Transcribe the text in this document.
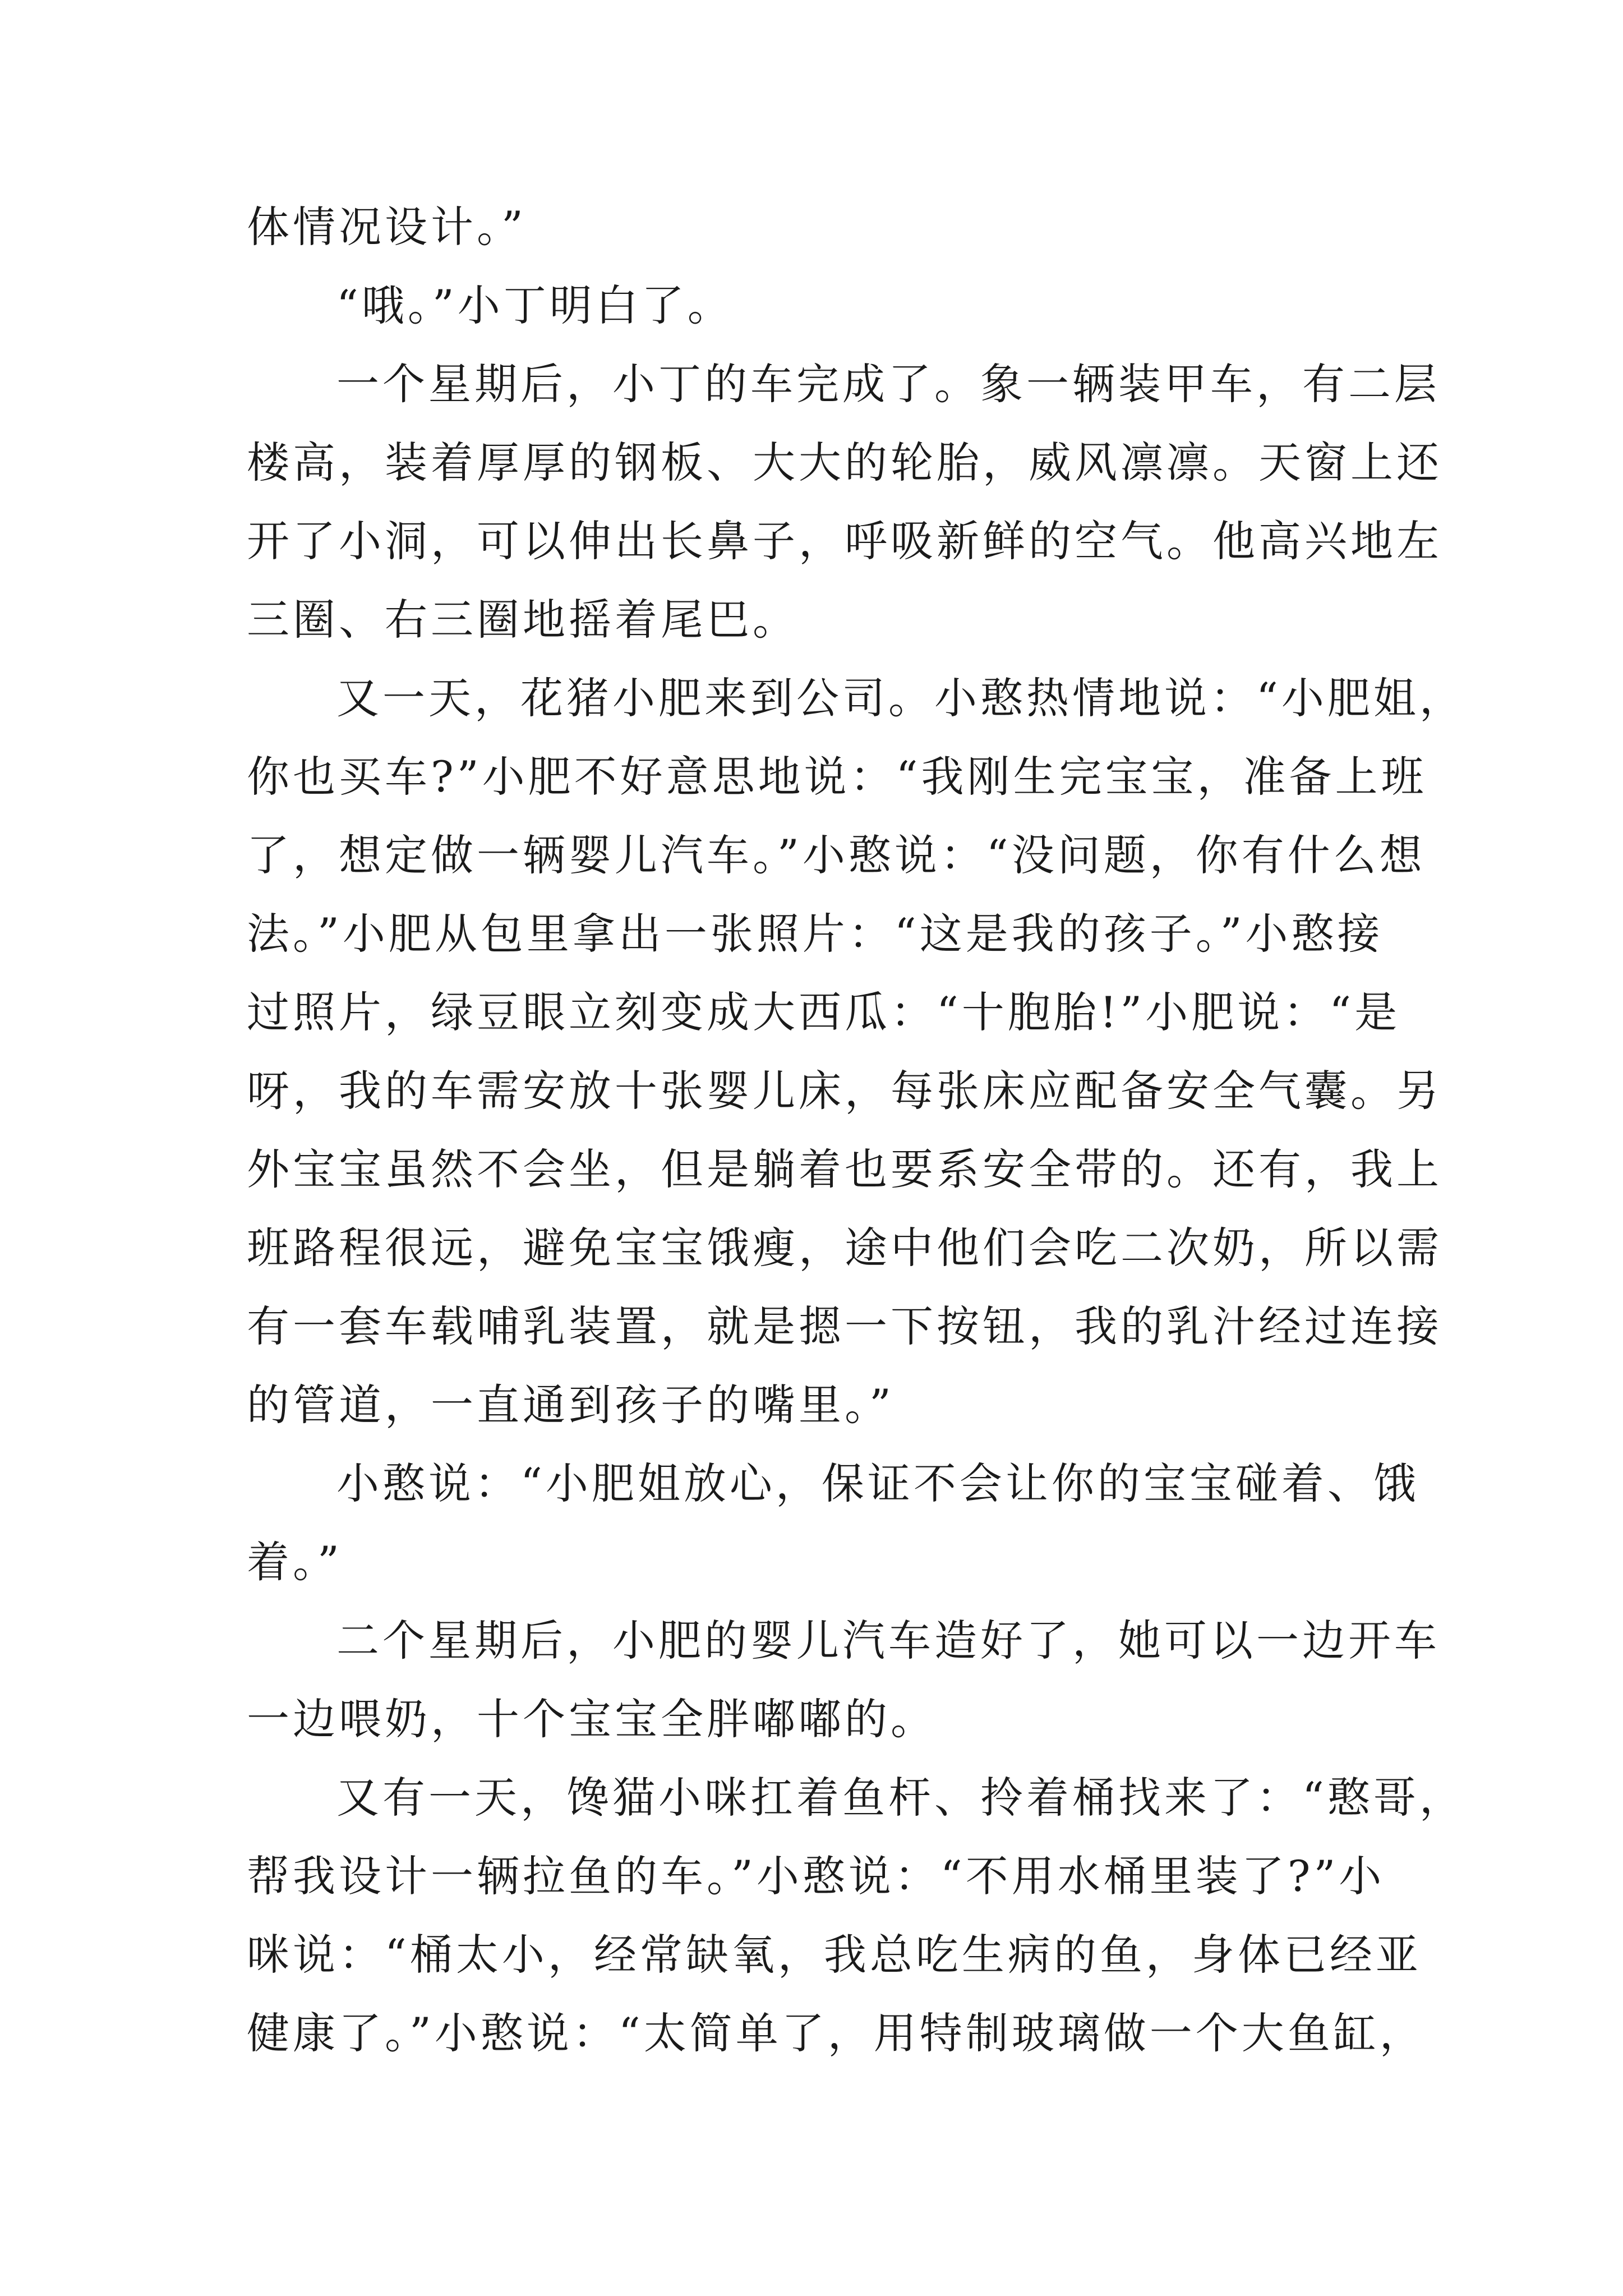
体情况设计。”
“哦。”小丁明白了。
一个星期后，小丁的车完成了。象一辆装甲车，有二层
楼高，装着厚厚的钢板、大大的轮胎，威风凛凛。天窗上还
开了小洞，可以伸出长鼻子，呼吸新鲜的空气。他高兴地左
三圈、右三圈地摇着尾巴。
又一天，花猪小肥来到公司。小憨热情地说：“小肥姐，
你也买车?”小肥不好意思地说：“我刚生完宝宝，准备上班
了，想定做一辆婴儿汽车。”小憨说：“没问题，你有什么想
法。”小肥从包里拿出一张照片：“这是我的孩子。”小憨接
过照片，绿豆眼立刻变成大西瓜：“十胞胎!”小肥说：“是
呀，我的车需安放十张婴儿床，每张床应配备安全气囊。另
外宝宝虽然不会坐，但是躺着也要系安全带的。还有，我上
班路程很远，避免宝宝饿瘦，途中他们会吃二次奶，所以需
有一套车载哺乳装置，就是摁一下按钮，我的乳汁经过连接
的管道，一直通到孩子的嘴里。”
小憨说：“小肥姐放心，保证不会让你的宝宝碰着、饿
着。”
二个星期后，小肥的婴儿汽车造好了，她可以一边开车
一边喂奶，十个宝宝全胖嘟嘟的。
又有一天，馋猫小咪扛着鱼杆、拎着桶找来了：“憨哥，
帮我设计一辆拉鱼的车。”小憨说：“不用水桶里装了?”小
咪说：“桶太小，经常缺氧，我总吃生病的鱼，身体已经亚
健康了。”小憨说：“太简单了，用特制玻璃做一个大鱼缸，
